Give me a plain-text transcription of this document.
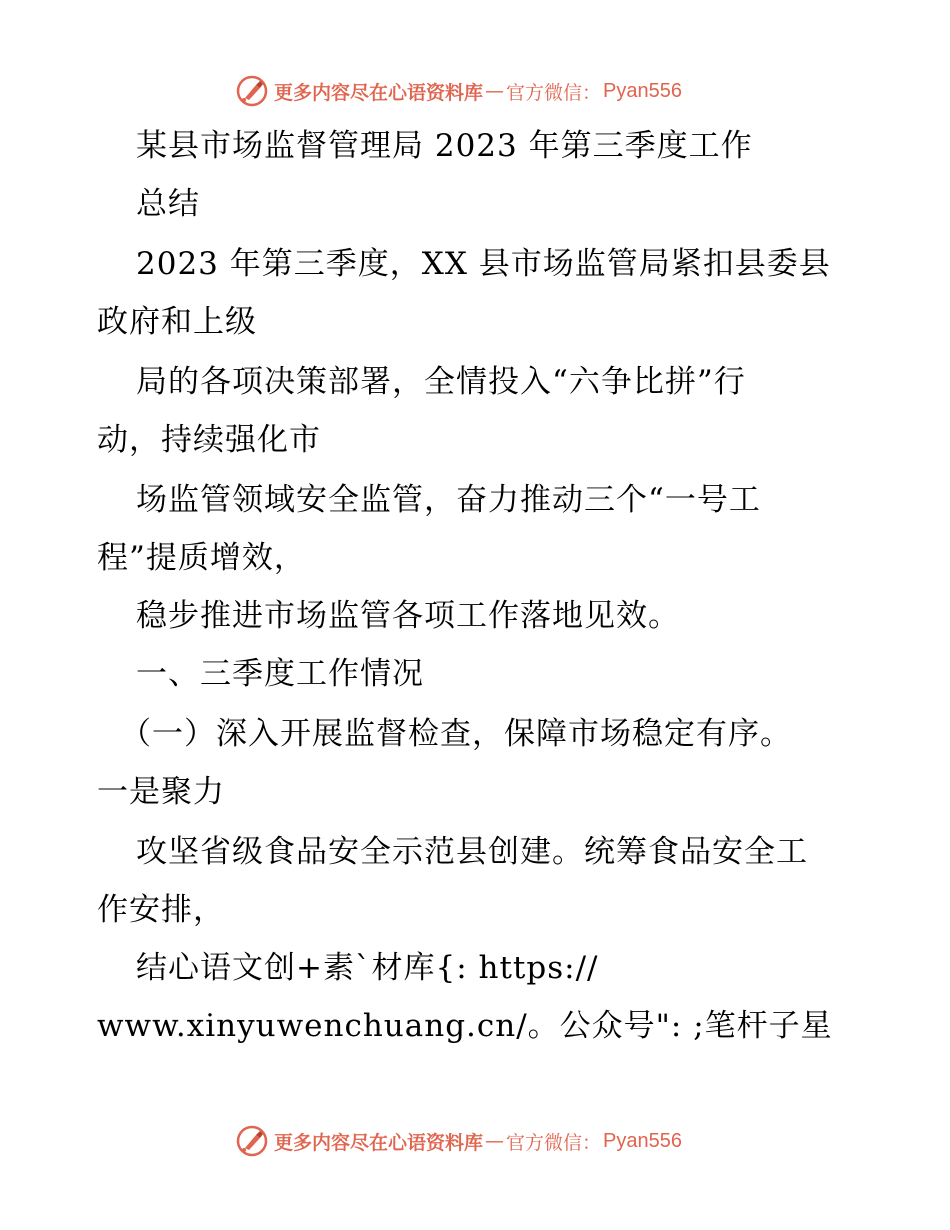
更多内容尽在心语资料库 — 官方微信： Pyan556
某县市场监督管理局 2023 年第三季度工作
总结
2023 年第三季度，XX 县市场监管局紧扣县委县
政府和上级
局的各项决策部署，全情投入“六争比拼”行
动，持续强化市
场监管领域安全监管，奋力推动三个“一号工
程”提质增效，
稳步推进市场监管各项工作落地见效。
一、三季度工作情况
（一）深入开展监督检查，保障市场稳定有序。
一是聚力
攻坚省级食品安全示范县创建。统筹食品安全工
作安排，
结心语文创+素`材库{: https://
www.xinyuwenchuang.cn/。公众号": ;笔杆子星
更多内容尽在心语资料库 — 官方微信： Pyan556
